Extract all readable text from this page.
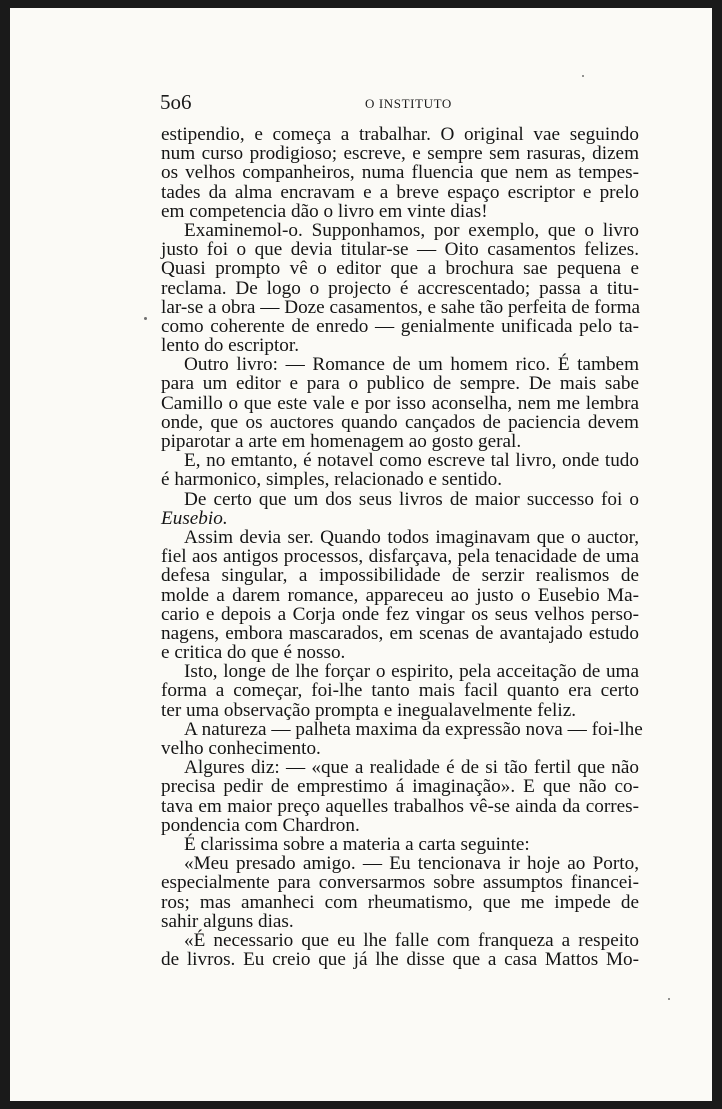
5o6	O INSTITUTO
estipendio, e começa a trabalhar. O original vae seguindo
num curso prodigioso; escreve, e sempre sem rasuras, dizem
os velhos companheiros, numa fluencia que nem as tempes-
tades da alma encravam e a breve espaço escriptor e prelo
em competencia dão o livro em vinte dias!
Examinemol-o. Supponhamos, por exemplo, que o livro
justo foi o que devia titular-se — Oito casamentos felizes.
Quasi prompto vê o editor que a brochura sae pequena e
reclama. De logo o projecto é accrescentado; passa a titu-
lar-se a obra — Doze casamentos, e sahe tão perfeita de forma
como coherente de enredo — genialmente unificada pelo ta-
lento do escriptor.
Outro livro: — Romance de um homem rico. É tambem
para um editor e para o publico de sempre. De mais sabe
Camillo o que este vale e por isso aconselha, nem me lembra
onde, que os auctores quando cançados de paciencia devem
piparotar a arte em homenagem ao gosto geral.
E, no emtanto, é notavel como escreve tal livro, onde tudo
é harmonico, simples, relacionado e sentido.
De certo que um dos seus livros de maior successo foi o
Eusebio.
Assim devia ser. Quando todos imaginavam que o auctor,
fiel aos antigos processos, disfarçava, pela tenacidade de uma
defesa singular, a impossibilidade de serzir realismos de
molde a darem romance, appareceu ao justo o Eusebio Ma-
cario e depois a Corja onde fez vingar os seus velhos perso-
nagens, embora mascarados, em scenas de avantajado estudo
e critica do que é nosso.
Isto, longe de lhe forçar o espirito, pela acceitação de uma
forma a começar, foi-lhe tanto mais facil quanto era certo
ter uma observação prompta e inegualavelmente feliz.
A natureza — palheta maxima da expressão nova — foi-lhe
velho conhecimento.
Algures diz: — «que a realidade é de si tão fertil que não
precisa pedir de emprestimo á imaginação». E que não co-
tava em maior preço aquelles trabalhos vê-se ainda da corres-
pondencia com Chardron.
É clarissima sobre a materia a carta seguinte:
«Meu presado amigo. — Eu tencionava ir hoje ao Porto,
especialmente para conversarmos sobre assumptos financei-
ros; mas amanheci com rheumatismo, que me impede de
sahir alguns dias.
«É necessario que eu lhe falle com franqueza a respeito
de livros. Eu creio que já lhe disse que a casa Mattos Mo-
